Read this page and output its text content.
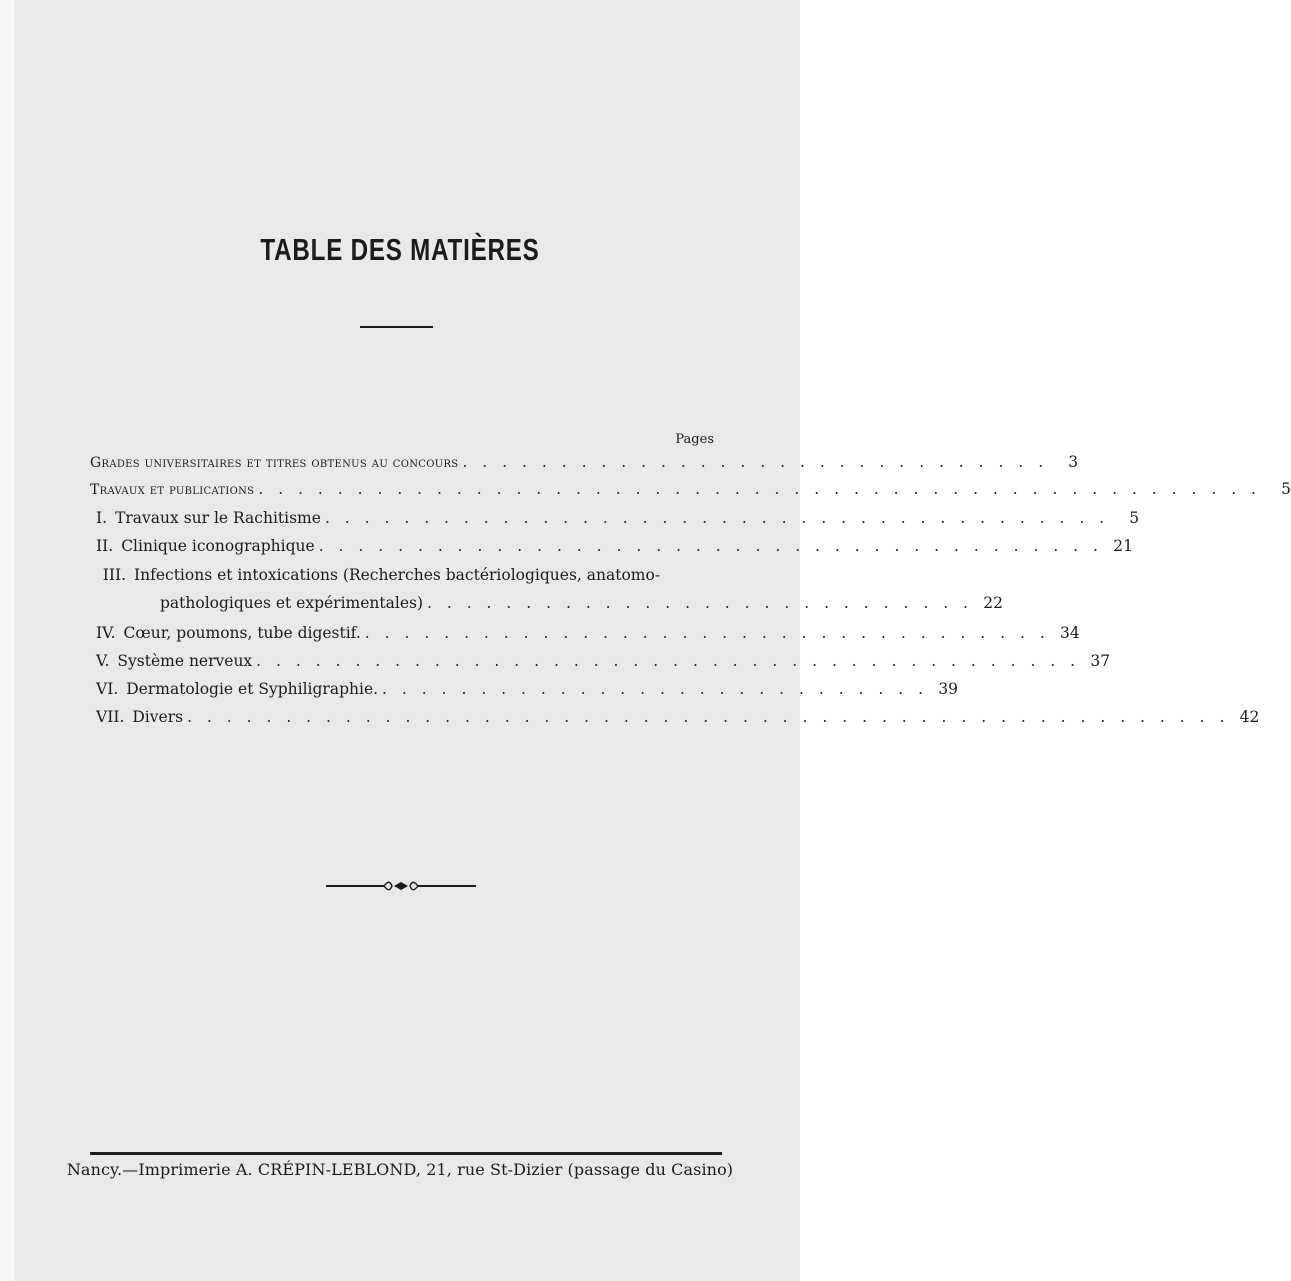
TABLE DES MATIÈRES
Pages
Grades universitaires et titres obtenus au concours . . . . . . . . . . . . . . . . . . . . . . . . . . . . . .	3
Travaux et publications . . . . . . . . . . . . . . . . . . . . . . . . . . . . . . . . . . . . . . . . . . . . . . . . . . .	5
I. Travaux sur le Rachitisme . . . . . . . . . . . . . . . . . . . . . . . . . . . . . . . . . . . . . . . .	5
II. Clinique iconographique . . . . . . . . . . . . . . . . . . . . . . . . . . . . . . . . . . . . . . . . 21
III. Infections et intoxications (Recherches bactériologiques, anatomo-
pathologiques et expérimentales) . . . . . . . . . . . . . . . . . . . . . . . . . . . . 22
IV. Cœur, poumons, tube digestif. . . . . . . . . . . . . . . . . . . . . . . . . . . . . . . . . . . . 34
V. Système nerveux . . . . . . . . . . . . . . . . . . . . . . . . . . . . . . . . . . . . . . . . . . 37
VI. Dermatologie et Syphiligraphie. . . . . . . . . . . . . . . . . . . . . . . . . . . . . 39
VII. Divers . . . . . . . . . . . . . . . . . . . . . . . . . . . . . . . . . . . . . . . . . . . . . . . . . . . . . 42
Nancy.—Imprimerie A. CRÉPIN-LEBLOND, 21, rue St-Dizier (passage du Casino)
